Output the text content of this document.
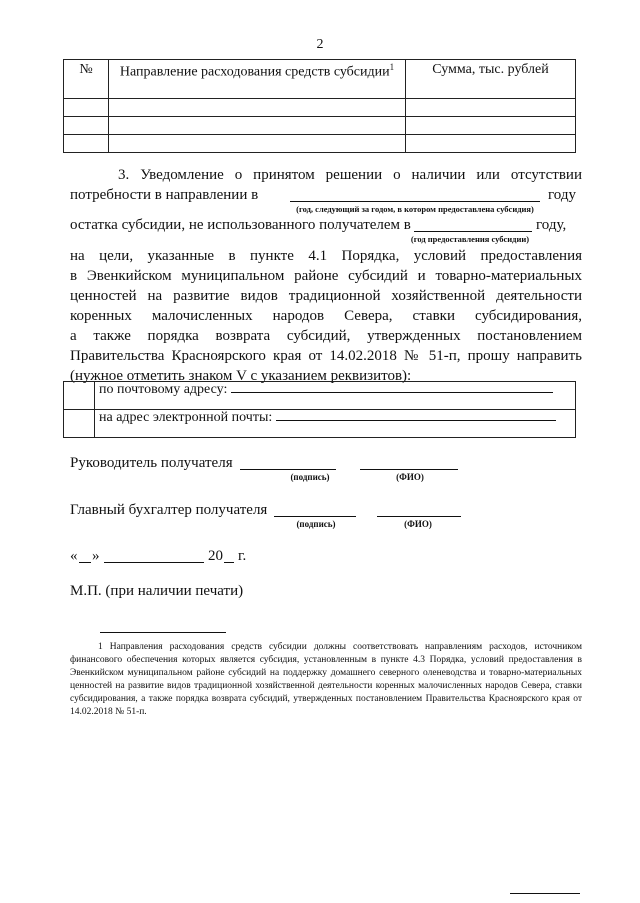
2
№	Направление расходования средств субсидии$^1$	Сумма, тыс. рублей

3. Уведомление о принятом решении о наличии или отсутствии
потребности в направлении в	году
(год, следующий за годом, в котором предоставлена субсидия)
остатка субсидии, не использованного получателем в	году,
(год предоставления субсидии)
на цели, указанные в пункте 4.1 Порядка, условий предоставления
в Эвенкийском муниципальном районе субсидий и товарно-материальных
ценностей на развитие видов традиционной хозяйственной деятельности
коренных малочисленных народов Севера, ставки субсидирования,
а также порядка возврата субсидий, утвержденных постановлением
Правительства Красноярского края от 14.02.2018 № 51-п, прошу направить
(нужное отметить знаком V с указанием реквизитов):
	по почтовому адресу:
	на адрес электронной почты:
Руководитель получателя
(подпись)	(ФИО)
Главный бухгалтер получателя
(подпись)	(ФИО)
« »	20 г.
М.П. (при наличии печати)
1 Направления расходования средств субсидии должны соответствовать направлениям расходов, источником финансового обеспечения которых является субсидия, установленным в пункте 4.3 Порядка, условий предоставления в Эвенкийском муниципальном районе субсидий на поддержку домашнего северного оленеводства и товарно-материальных ценностей на развитие видов традиционной хозяйственной деятельности коренных малочисленных народов Севера, ставки субсидирования, а также порядка возврата субсидий, утвержденных постановлением Правительства Красноярского края от 14.02.2018 № 51-п.
